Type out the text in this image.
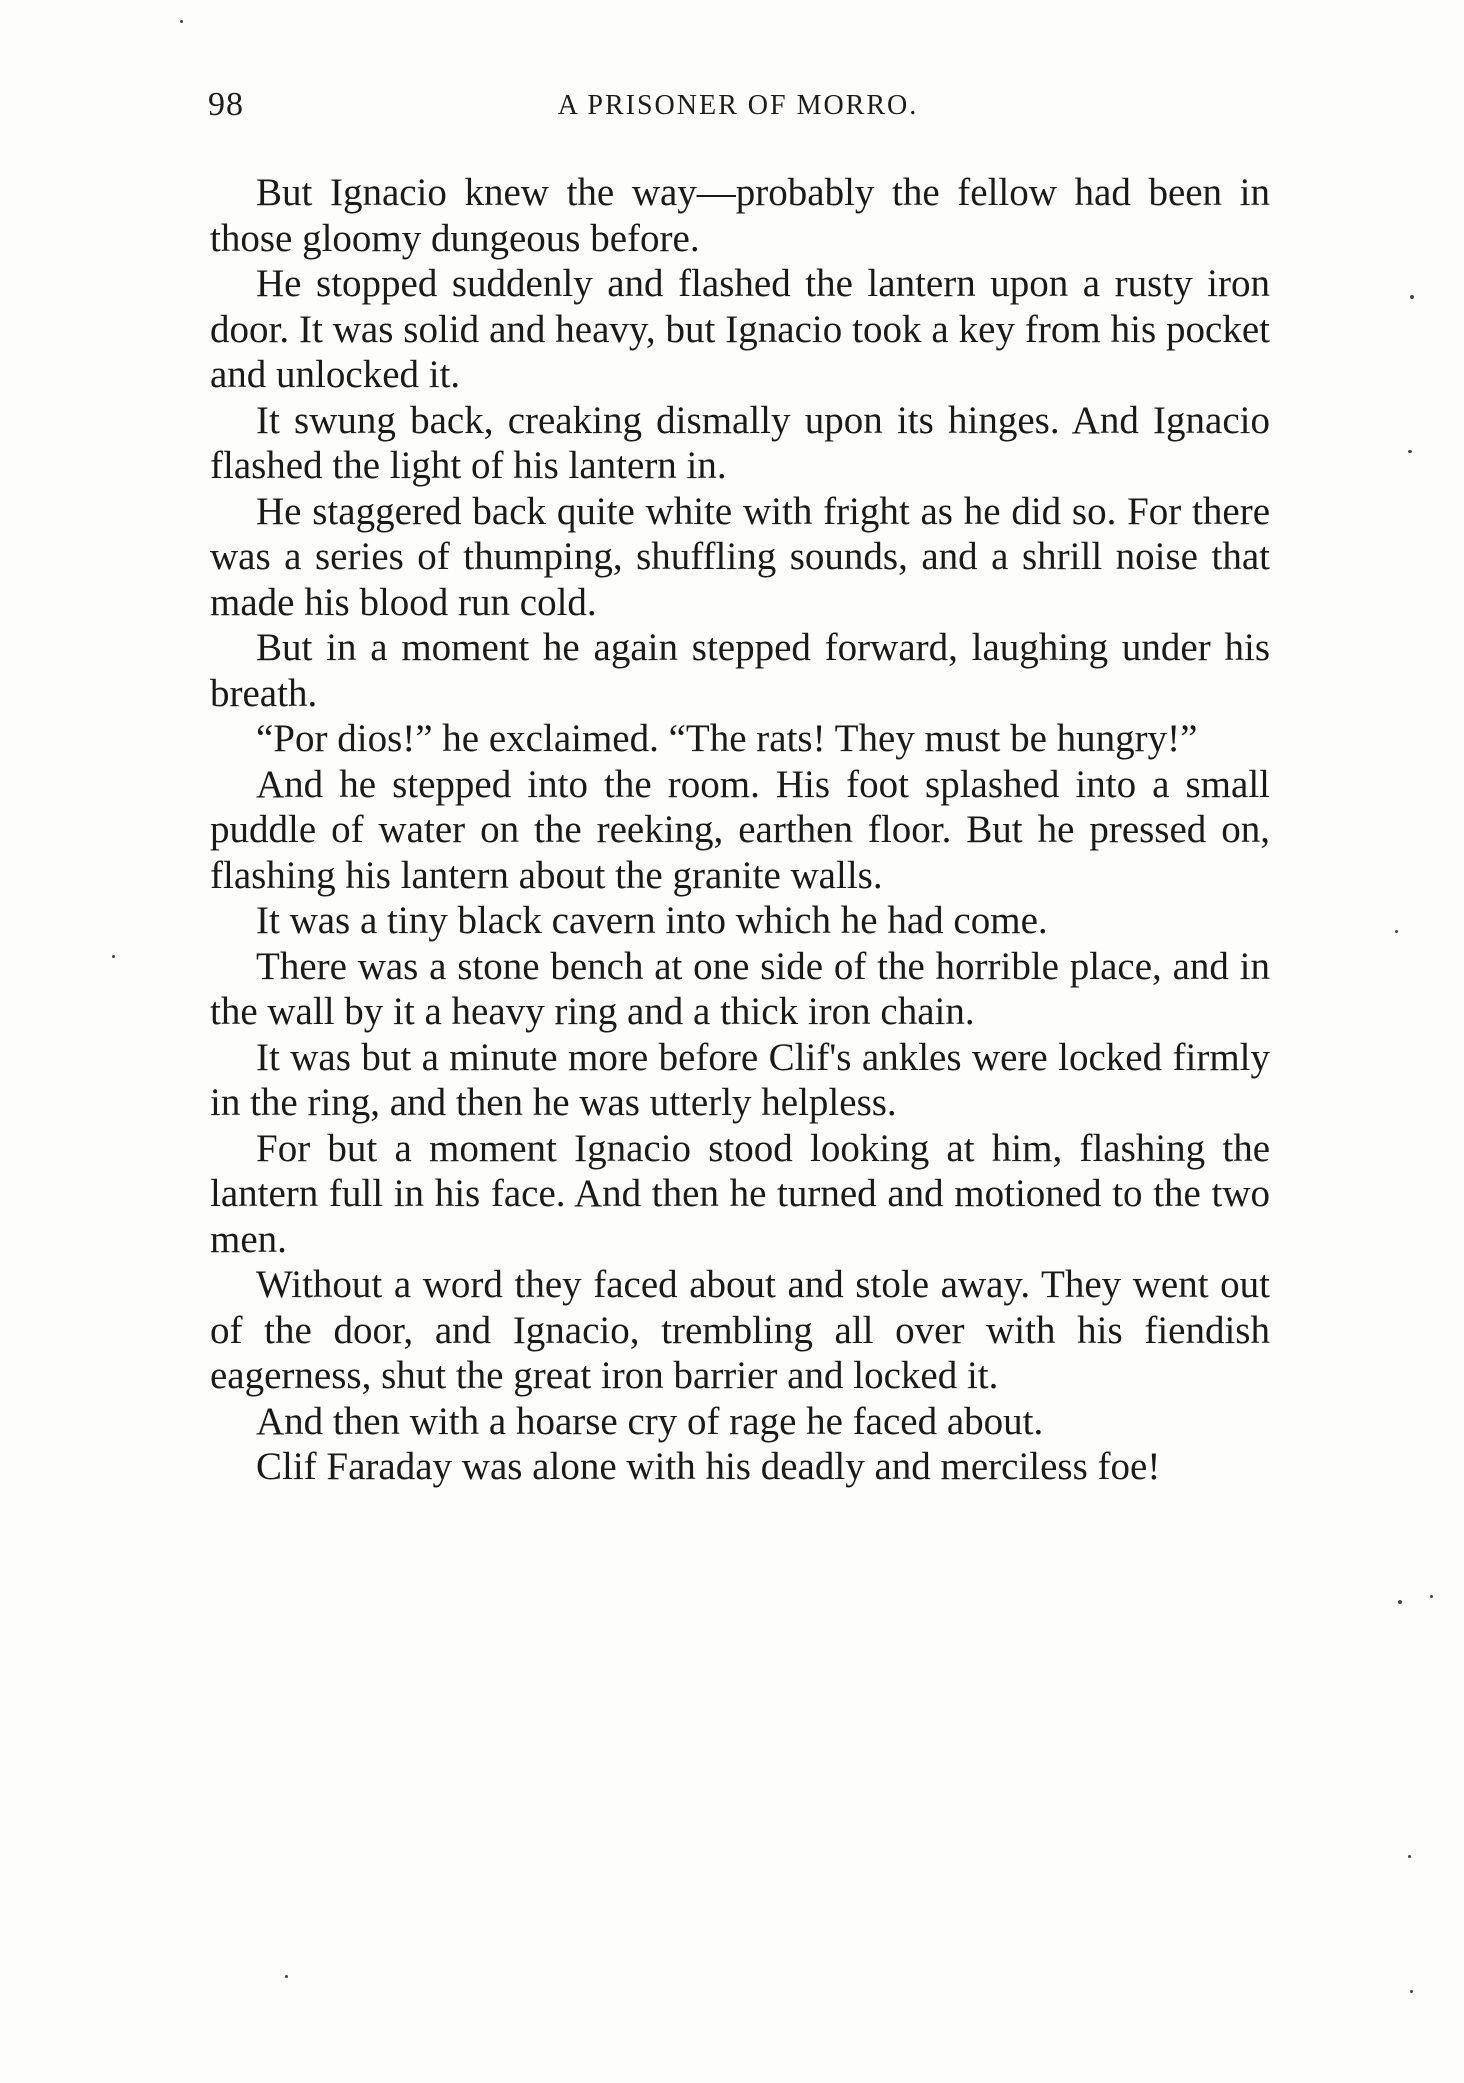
98	A PRISONER OF MORRO.

But Ignacio knew the way—probably the fellow had been in those gloomy dungeous before.

He stopped suddenly and flashed the lantern upon a rusty iron door. It was solid and heavy, but Ignacio took a key from his pocket and unlocked it.

It swung back, creaking dismally upon its hinges. And Ignacio flashed the light of his lantern in.

He staggered back quite white with fright as he did so. For there was a series of thumping, shuffling sounds, and a shrill noise that made his blood run cold.

But in a moment he again stepped forward, laughing under his breath.

“Por dios!” he exclaimed. “The rats! They must be hungry!”

And he stepped into the room. His foot splashed into a small puddle of water on the reeking, earthen floor. But he pressed on, flashing his lantern about the granite walls.

It was a tiny black cavern into which he had come.

There was a stone bench at one side of the horrible place, and in the wall by it a heavy ring and a thick iron chain.

It was but a minute more before Clif's ankles were locked firmly in the ring, and then he was utterly helpless.

For but a moment Ignacio stood looking at him, flashing the lantern full in his face. And then he turned and motioned to the two men.

Without a word they faced about and stole away. They went out of the door, and Ignacio, trembling all over with his fiendish eagerness, shut the great iron barrier and locked it.

And then with a hoarse cry of rage he faced about.

Clif Faraday was alone with his deadly and merciless foe!
